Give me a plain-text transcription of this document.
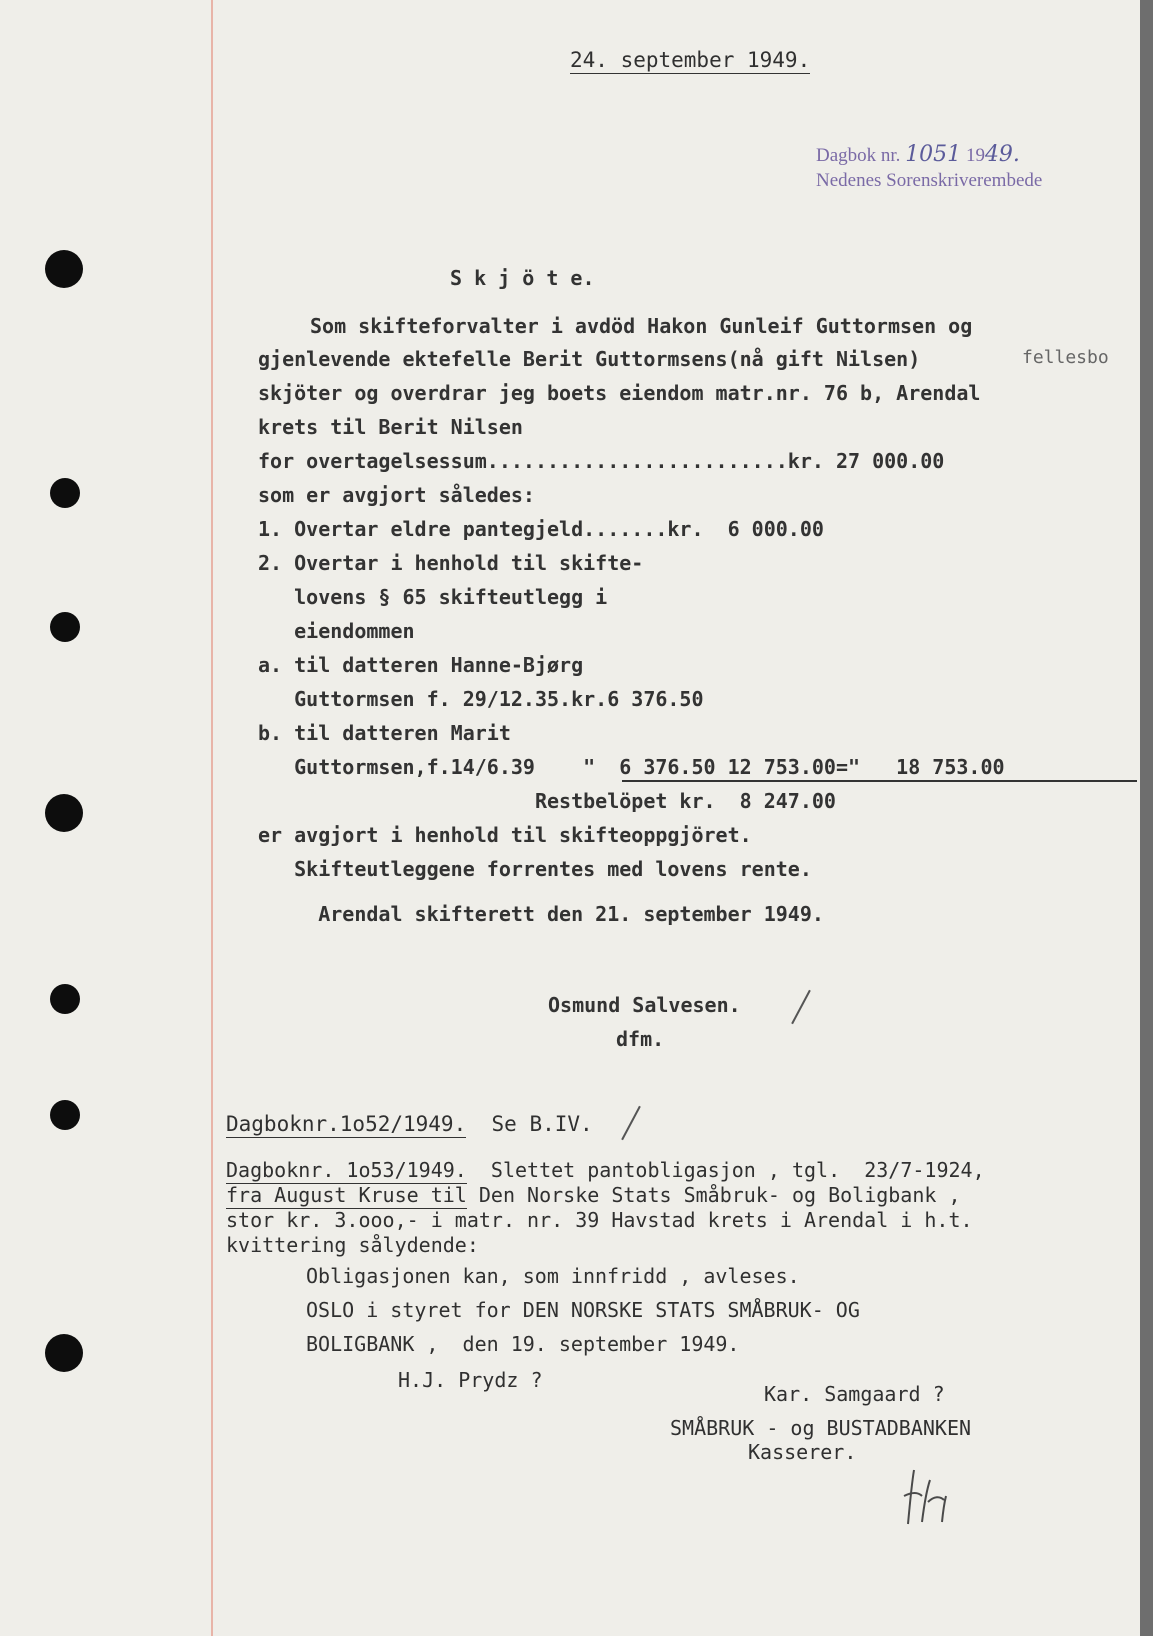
24. september 1949.
Dagbok nr. 1051 1949.
Nedenes Sorenskriverembede
S k j ö t e.
Som skifteforvalter i avdöd Hakon Gunleif Guttormsen og
gjenlevende ektefelle Berit Guttormsens(nå gift Nilsen)	fellesbo
skjöter og overdrar jeg boets eiendom matr.nr. 76 b, Arendal
krets til Berit Nilsen
for overtagelsessum.........................kr. 27 000.00
som er avgjort således:
1. Overtar eldre pantegjeld.......kr.  6 000.00
2. Overtar i henhold til skifte-
lovens § 65 skifteutlegg i
eiendommen
a. til datteren Hanne-Bjørg
Guttormsen f. 29/12.35.kr.6 376.50
b. til datteren Marit
Guttormsen,f.14/6.39    "  6 376.50 12 753.00="   18 753.00
Restbelöpet kr.  8 247.00
er avgjort i henhold til skifteoppgjöret.
Skifteutleggene forrentes med lovens rente.
Arendal skifterett den 21. september 1949.
Osmund Salvesen.
dfm.
Dagboknr.1o52/1949. Se B.IV.
Dagboknr. 1o53/1949. Slettet pantobligasjon , tgl.  23/7-1924,
fra August Kruse til Den Norske Stats Småbruk- og Boligbank ,
stor kr. 3.ooo,- i matr. nr. 39 Havstad krets i Arendal i h.t.
kvittering sålydende:
Obligasjonen kan, som innfridd , avleses.
OSLO i styret for DEN NORSKE STATS SMÅBRUK- OG
BOLIGBANK ,  den 19. september 1949.
H.J. Prydz ?
Kar. Samgaard ?
SMÅBRUK - og BUSTADBANKEN
Kasserer.
